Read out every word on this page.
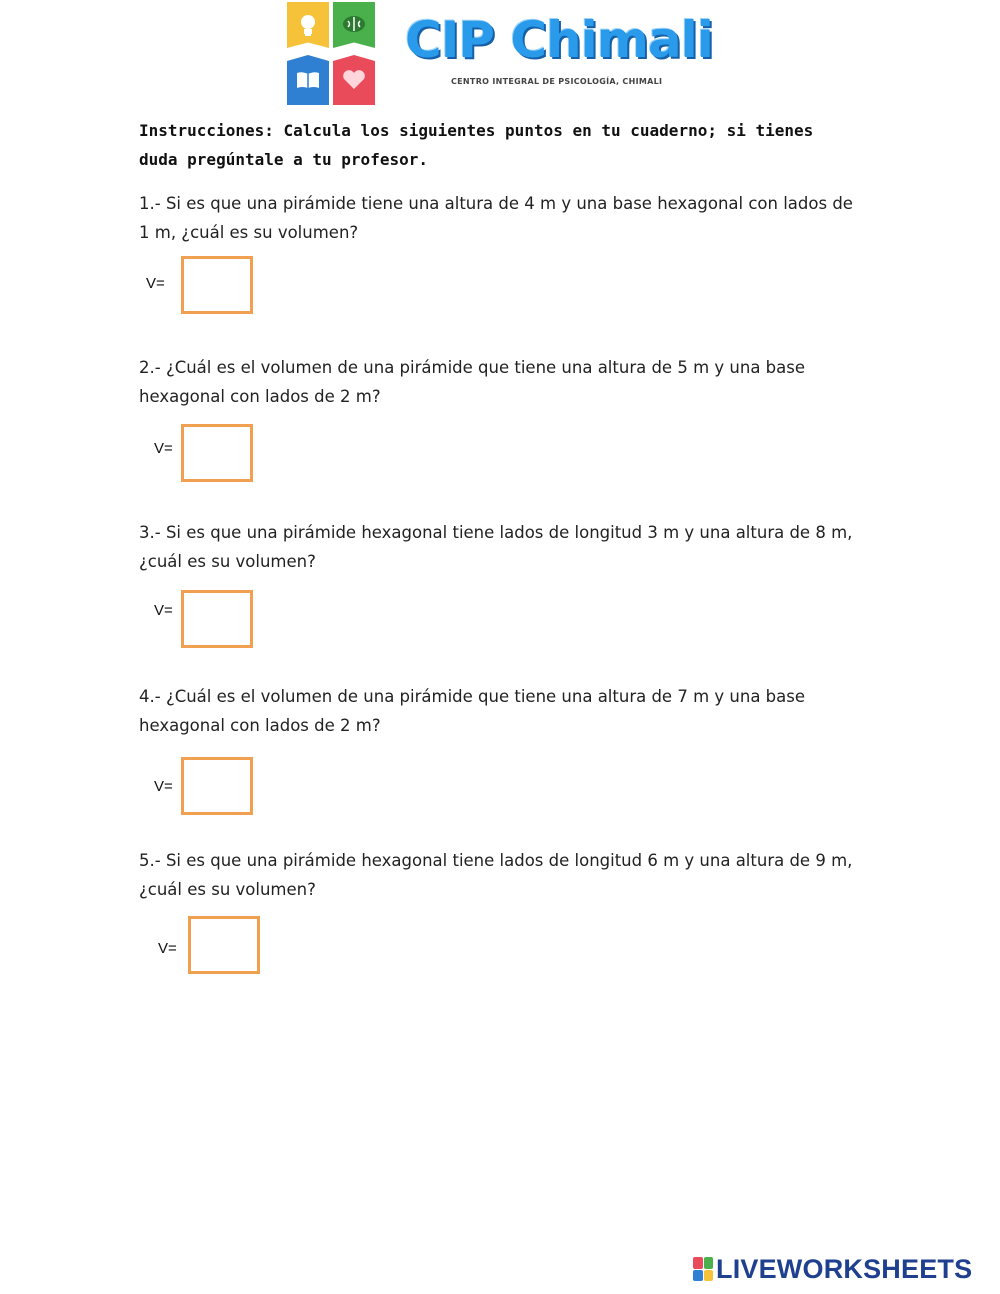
CIP Chimali
CENTRO INTEGRAL DE PSICOLOGÍA, CHIMALI
Instrucciones: Calcula los siguientes puntos en tu cuaderno; si tienes duda pregúntale a tu profesor.
1.- Si es que una pirámide tiene una altura de 4 m y una base hexagonal con lados de 1 m, ¿cuál es su volumen?
V=
2.- ¿Cuál es el volumen de una pirámide que tiene una altura de 5 m y una base hexagonal con lados de 2 m?
V=
3.- Si es que una pirámide hexagonal tiene lados de longitud 3 m y una altura de 8 m, ¿cuál es su volumen?
V=
4.- ¿Cuál es el volumen de una pirámide que tiene una altura de 7 m y una base hexagonal con lados de 2 m?
V=
5.- Si es que una pirámide hexagonal tiene lados de longitud 6 m y una altura de 9 m, ¿cuál es su volumen?
V=
LIVEWORKSHEETS
